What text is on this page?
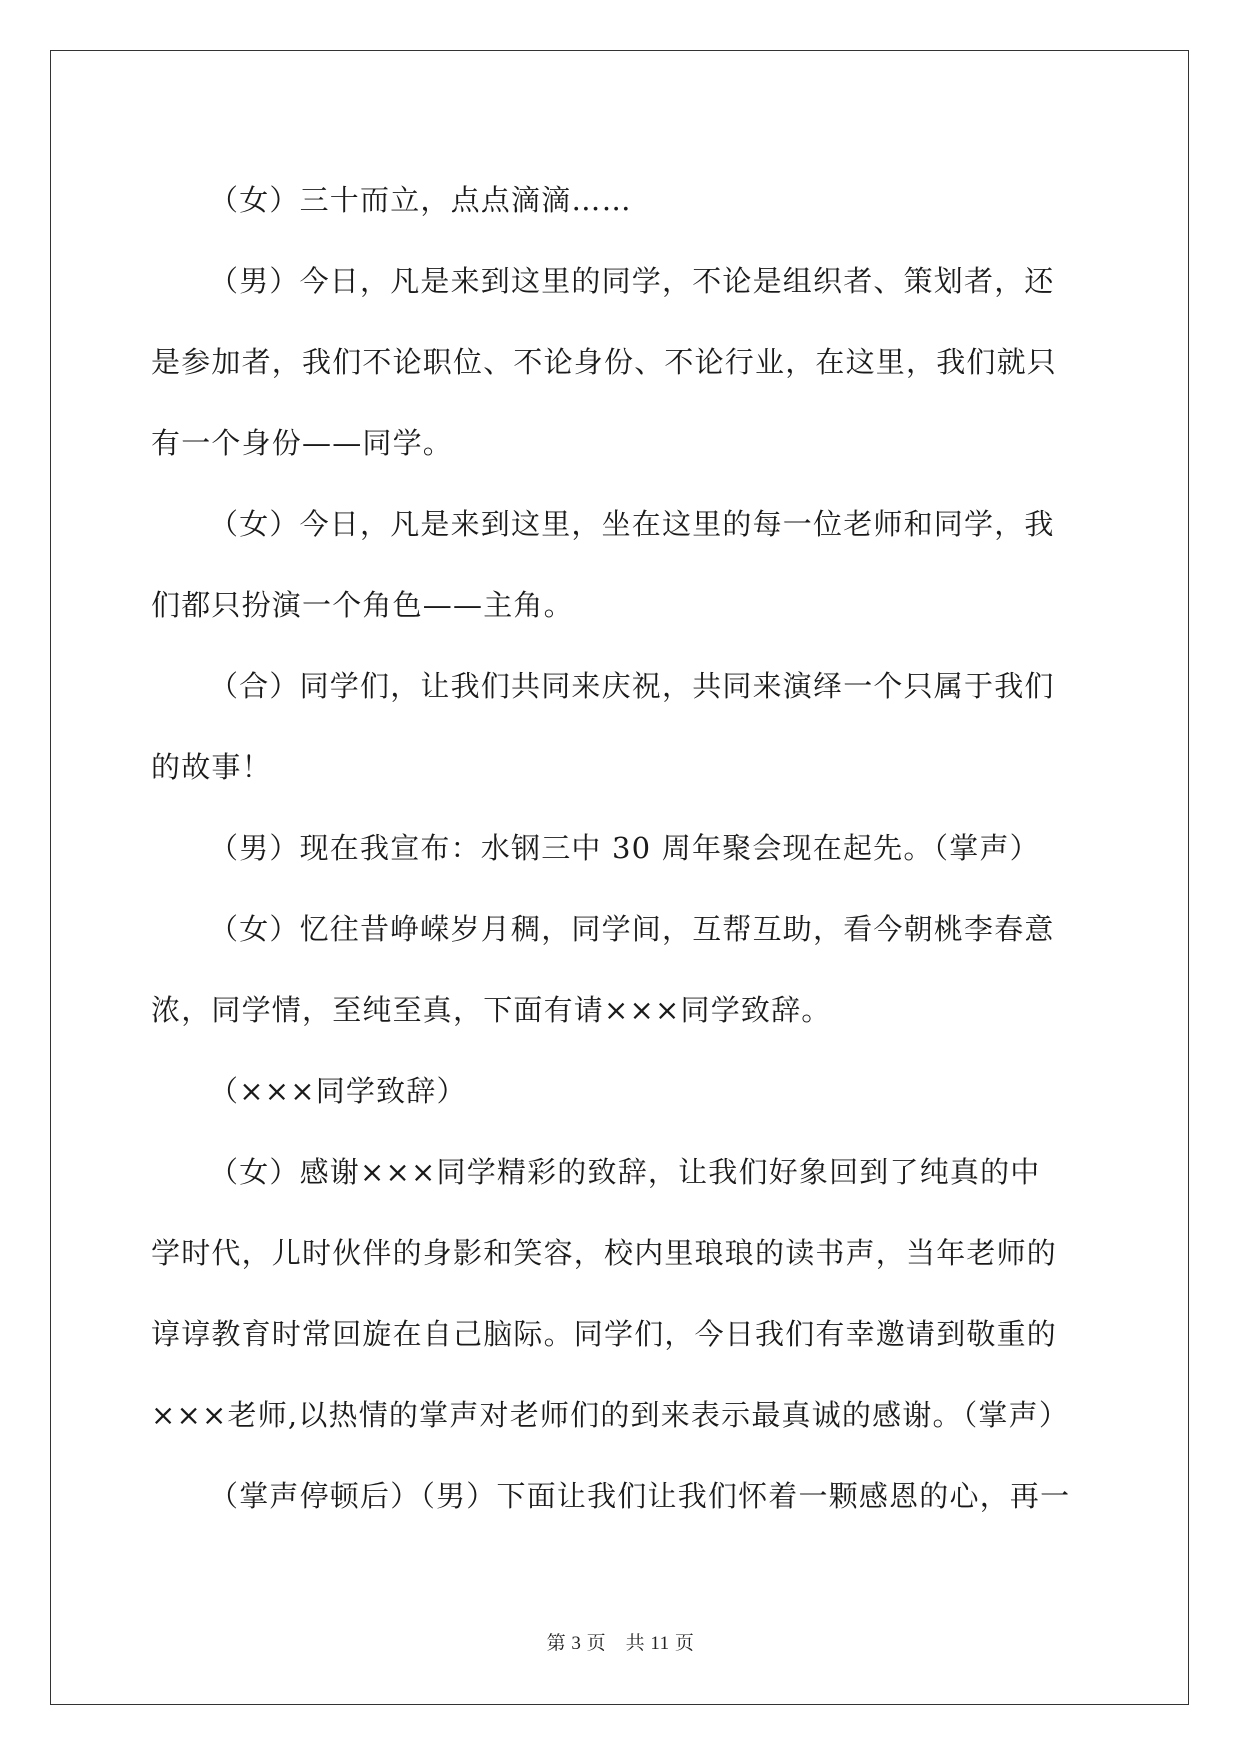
（女）三十而立，点点滴滴……
（男）今日，凡是来到这里的同学，不论是组织者、策划者，还
是参加者，我们不论职位、不论身份、不论行业，在这里，我们就只
有一个身份——同学。
（女）今日，凡是来到这里，坐在这里的每一位老师和同学，我
们都只扮演一个角色——主角。
（合）同学们，让我们共同来庆祝，共同来演绎一个只属于我们
的故事！
（男）现在我宣布：水钢三中 30 周年聚会现在起先。（掌声）
（女）忆往昔峥嵘岁月稠，同学间，互帮互助，看今朝桃李春意
浓，同学情，至纯至真，下面有请×××同学致辞。
（×××同学致辞）
（女）感谢×××同学精彩的致辞，让我们好象回到了纯真的中
学时代，儿时伙伴的身影和笑容，校内里琅琅的读书声，当年老师的
谆谆教育时常回旋在自己脑际。同学们，今日我们有幸邀请到敬重的
×××老师,以热情的掌声对老师们的到来表示最真诚的感谢。（掌声）
（掌声停顿后）（男）下面让我们让我们怀着一颗感恩的心，再一
第 3 页　共 11 页
